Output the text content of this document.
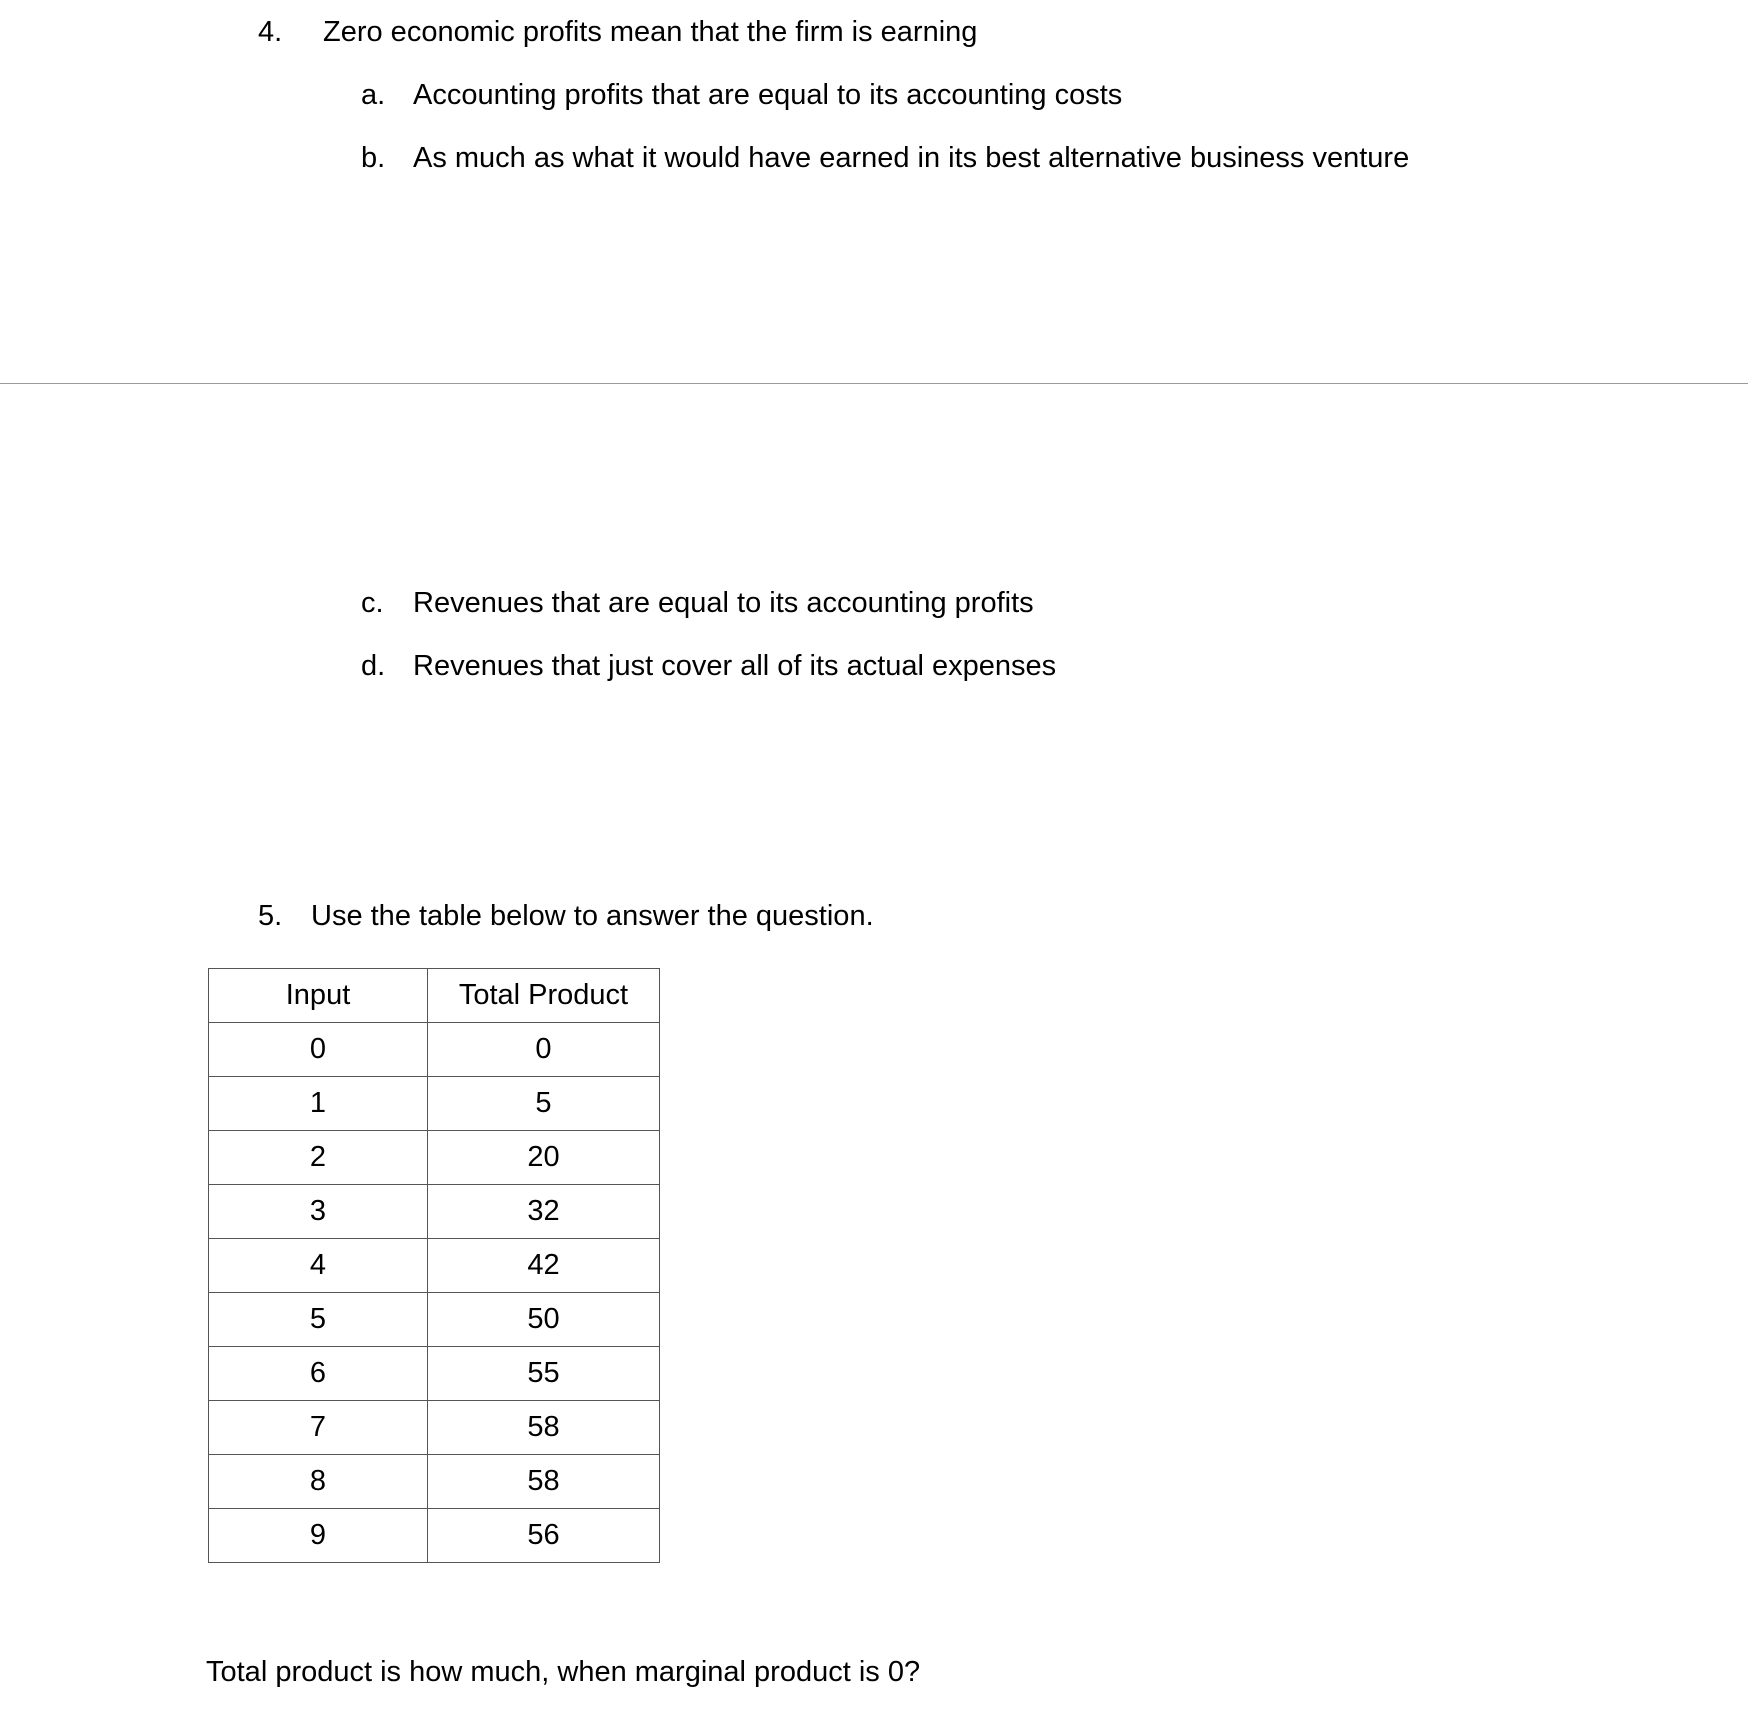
4. Zero economic profits mean that the firm is earning
a. Accounting profits that are equal to its accounting costs
b. As much as what it would have earned in its best alternative business venture
c. Revenues that are equal to its accounting profits
d. Revenues that just cover all of its actual expenses
5. Use the table below to answer the question.
Input	Total Product
0	0
1	5
2	20
3	32
4	42
5	50
6	55
7	58
8	58
9	56
Total product is how much, when marginal product is 0?
